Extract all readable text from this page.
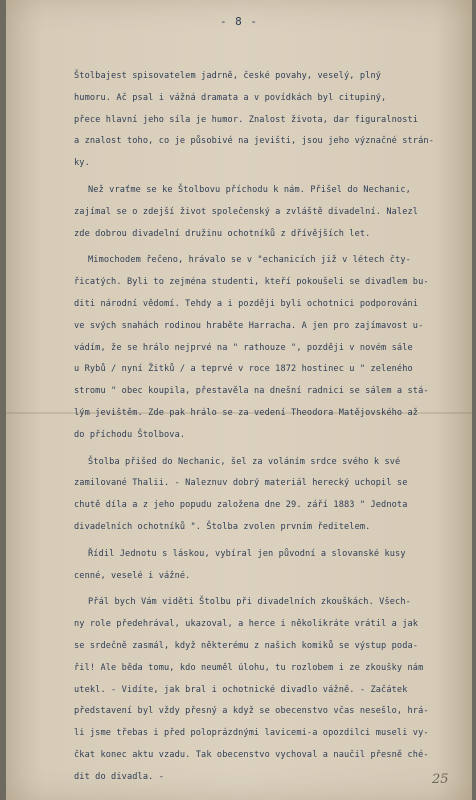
- 8 -
Štolbajest spisovatelem jadrně, české povahy, veselý, plný
humoru. Ač psal i vážná dramata a v povídkách byl citupiný,
přece hlavní jeho síla je humor. Znalost života, dar figuralnosti
a znalost toho, co je působivé na jevišti, jsou jeho význačné strán-
ky.
Než vraťme se ke Štolbovu příchodu k nám. Přišel do Nechanic,
zajímal se o zdejší život společenský a zvláště divadelní. Nalezl
zde dobrou divadelní družinu ochotníků z dřívějších let.
Mimochodem řečeno, hrávalo se v "echanicích již v létech čty-
řicatých. Byli to zejména studenti, kteří pokoušeli se divadlem bu-
diti národní vědomí. Tehdy a i později byli ochotnici podporováni
ve svých snahách rodinou hraběte Harracha. A jen pro zajímavost u-
vádím, že se hrálo nejprvé na " rathouze ", později v novém sále
u Rybů / nyní Žitků / a teprvé v roce 1872 hostinec u " zeleného
stromu " obec koupila, přestavěla na dnešní radnici se sálem a stá-
lým jevištěm. Zde pak hrálo se za vedení Theodora Matějovského až
do příchodu Štolbova.
Štolba přišed do Nechanic, šel za voláním srdce svého k své
zamilované Thalii. - Naleznuv dobrý materiál herecký uchopil se
chutě díla a z jeho popudu založena dne 29. září 1883 " Jednota
divadelních ochotníků ". Štolba zvolen prvním ředitelem.
Řídil Jednotu s láskou, vybíral jen původní a slovanské kusy
cenné, veselé i vážné.
Přál bych Vám viděti Štolbu při divadelních zkouškách. Všech-
ny role předehrával, ukazoval, a herce i několikráte vrátil a jak
se srdečně zasmál, když některému z našich komiků se výstup poda-
řil! Ale běda tomu, kdo neuměl úlohu, tu rozlobem i ze zkoušky nám
utekl. - Vidíte, jak bral i ochotnické divadlo vážně. - Začátek
představení byl vždy přesný a když se obecenstvo včas nesešlo, hrá-
li jsme třebas i před poloprázdnými lavicemi-a opozdilci museli vy-
čkat konec aktu vzadu. Tak obecenstvo vychoval a naučil přesně ché-
dit do divadla. -	25
